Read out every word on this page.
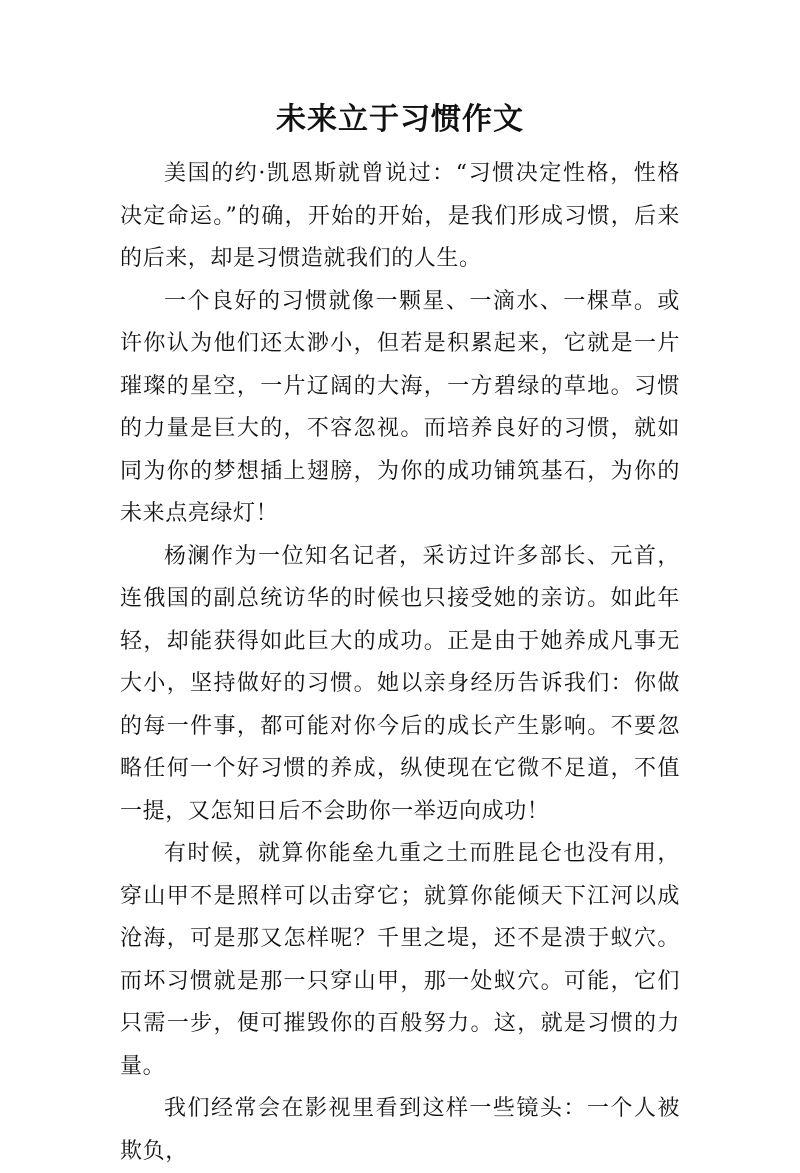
未来立于习惯作文

美国的约·凯恩斯就曾说过：“习惯决定性格，性格决定命运。”的确，开始的开始，是我们形成习惯，后来的后来，却是习惯造就我们的人生。

一个良好的习惯就像一颗星、一滴水、一棵草。或许你认为他们还太渺小，但若是积累起来，它就是一片璀璨的星空，一片辽阔的大海，一方碧绿的草地。习惯的力量是巨大的，不容忽视。而培养良好的习惯，就如同为你的梦想插上翅膀，为你的成功铺筑基石，为你的未来点亮绿灯！

杨澜作为一位知名记者，采访过许多部长、元首，连俄国的副总统访华的时候也只接受她的亲访。如此年轻，却能获得如此巨大的成功。正是由于她养成凡事无大小，坚持做好的习惯。她以亲身经历告诉我们：你做的每一件事，都可能对你今后的成长产生影响。不要忽略任何一个好习惯的养成，纵使现在它微不足道，不值一提，又怎知日后不会助你一举迈向成功！

有时候，就算你能垒九重之土而胜昆仑也没有用，穿山甲不是照样可以击穿它；就算你能倾天下江河以成沧海，可是那又怎样呢？千里之堤，还不是溃于蚁穴。而坏习惯就是那一只穿山甲，那一处蚁穴。可能，它们只需一步，便可摧毁你的百般努力。这，就是习惯的力量。

我们经常会在影视里看到这样一些镜头：一个人被欺负，
